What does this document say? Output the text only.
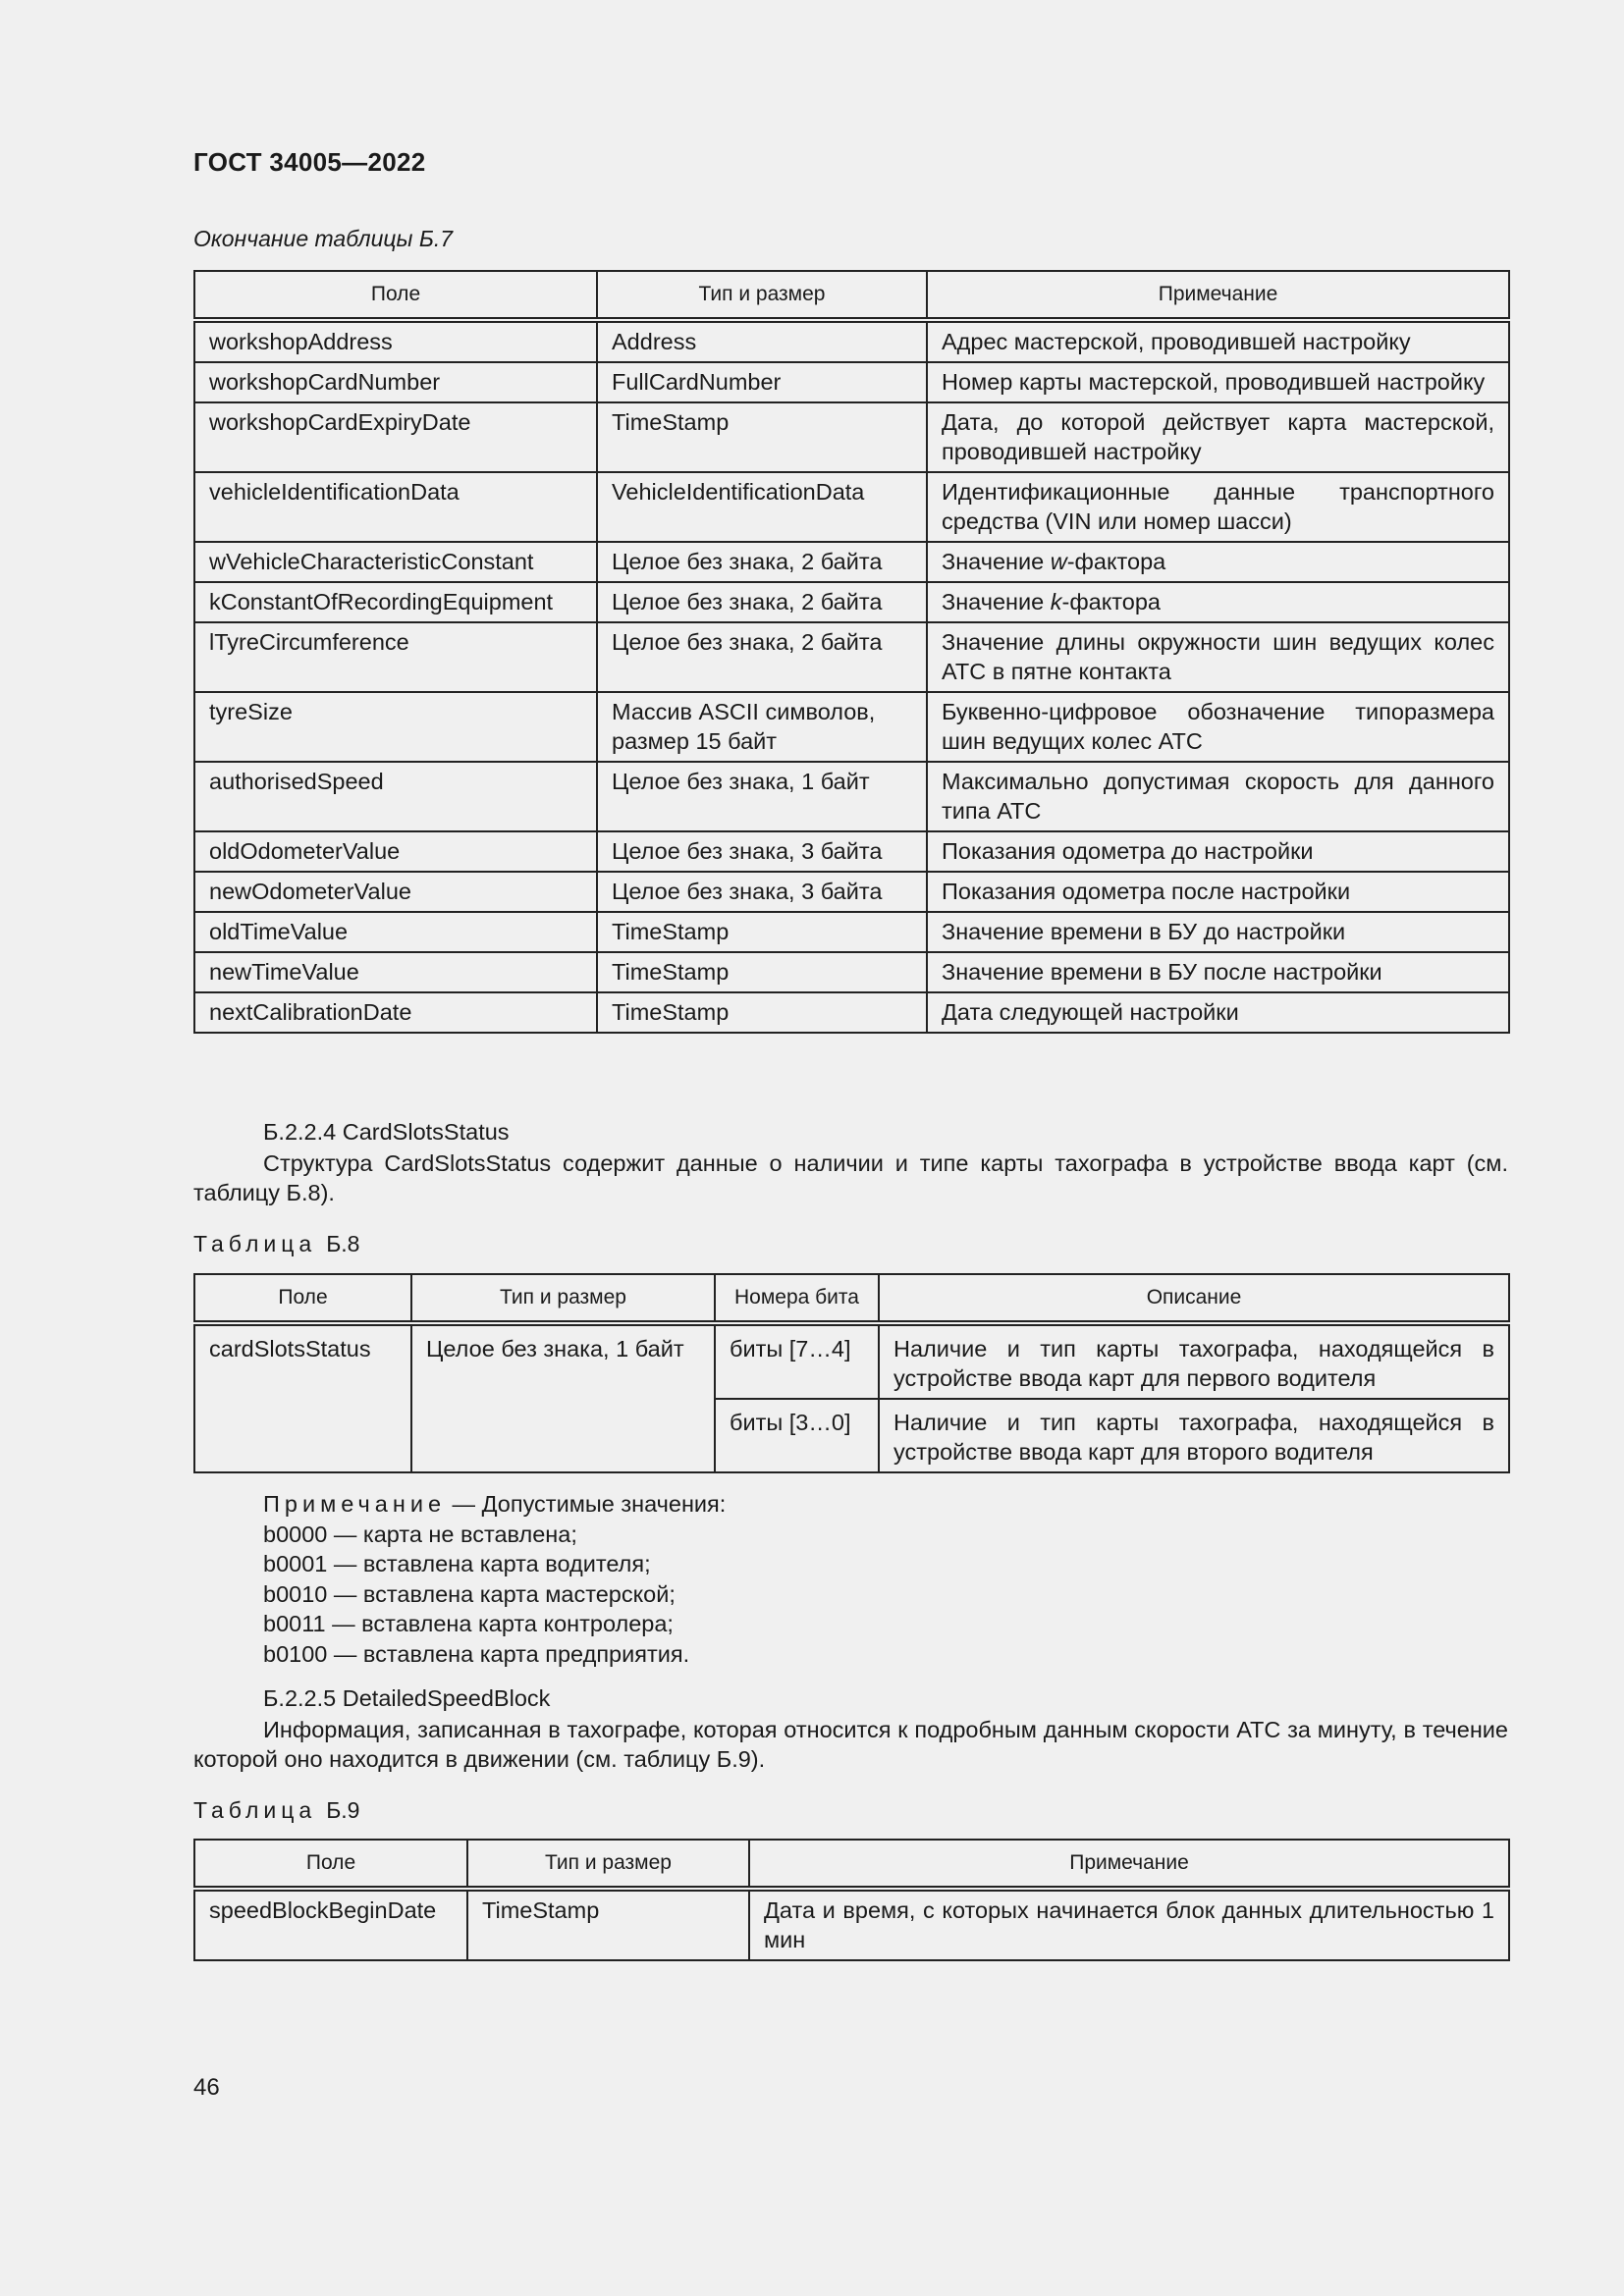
ГОСТ 34005—2022
Окончание таблицы Б.7
Поле	Тип и размер	Примечание
workshopAddress	Address	Адрес мастерской, проводившей настройку
workshopCardNumber	FullCardNumber	Номер карты мастерской, проводившей настройку
workshopCardExpiryDate	TimeStamp	Дата, до которой действует карта мастерской, проводившей настройку
vehicleIdentificationData	VehicleIdentificationData	Идентификационные данные транспортного средства (VIN или номер шасси)
wVehicleCharacteristicConstant	Целое без знака, 2 байта	Значение w-фактора
kConstantOfRecordingEquipment	Целое без знака, 2 байта	Значение k-фактора
lTyreCircumference	Целое без знака, 2 байта	Значение длины окружности шин ведущих колес АТС в пятне контакта
tyreSize	Массив ASCII символов, размер 15 байт	Буквенно-цифровое обозначение типоразмера шин ведущих колес АТС
authorisedSpeed	Целое без знака, 1 байт	Максимально допустимая скорость для данного типа АТС
oldOdometerValue	Целое без знака, 3 байта	Показания одометра до настройки
newOdometerValue	Целое без знака, 3 байта	Показания одометра после настройки
oldTimeValue	TimeStamp	Значение времени в БУ до настройки
newTimeValue	TimeStamp	Значение времени в БУ после настройки
nextCalibrationDate	TimeStamp	Дата следующей настройки
Б.2.2.4 CardSlotsStatus
Структура CardSlotsStatus содержит данные о наличии и типе карты тахографа в устройстве ввода карт (см. таблицу Б.8).
Таблица Б.8
Поле	Тип и размер	Номера бита	Описание
cardSlotsStatus	Целое без знака, 1 байт	биты [7…4]	Наличие и тип карты тахографа, находящейся в устройстве ввода карт для первого водителя
		биты [3…0]	Наличие и тип карты тахографа, находящейся в устройстве ввода карт для второго водителя
Примечание — Допустимые значения:
b0000 — карта не вставлена;
b0001 — вставлена карта водителя;
b0010 — вставлена карта мастерской;
b0011 — вставлена карта контролера;
b0100 — вставлена карта предприятия.
Б.2.2.5 DetailedSpeedBlock
Информация, записанная в тахографе, которая относится к подробным данным скорости АТС за минуту, в течение которой оно находится в движении (см. таблицу Б.9).
Таблица Б.9
Поле	Тип и размер	Примечание
speedBlockBeginDate	TimeStamp	Дата и время, с которых начинается блок данных длительностью 1 мин
46
